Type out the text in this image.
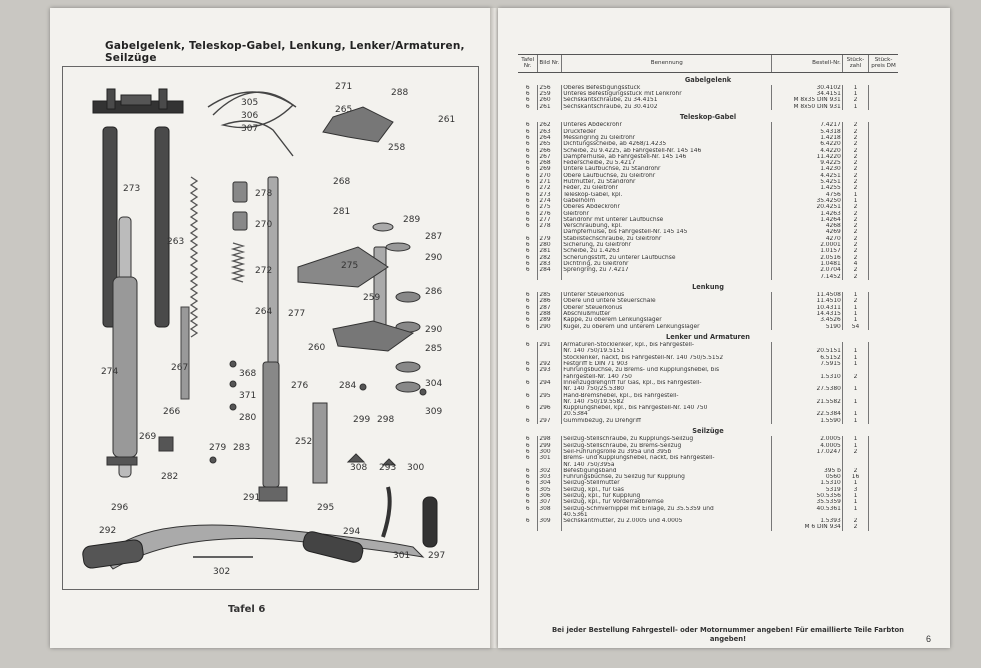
Gabelgelenk, Teleskop-Gabel, Lenkung, Lenker/Armaturen, Seilzüge
271
288
305
306
307
265
261
258
273
268
278
281
289
287
263
270
290
275
286
272
264 277
259
290
260	285
274	267
368
276	284	304
371
266
280
309
299 298
269
279 283
282
252
308 293 300
291
296	295
292	294
301 297
302
Tafel 6
Tafel Nr.	Bild Nr.	Benennung	Bestell-Nr.	Stück-zahl	Stück-preis DM
Gabelgelenk					
6	256	Oberes Befestigungsstück	30.4102	1	
6	259	Unteres Befestigungsstück mit Lenkrohr	34.4151	1	
6	260	Sechskantschraube, zu 34.4151	M 8x35 DIN 931	2	
6	261	Sechskantschraube, zu 30.4102	M 8x50 DIN 931	1	
Teleskop-Gabel					
6	262	Unteres Abdeckrohr	7.4217	2	
6	263	Druckfeder	5.4318	2	
6	264	Messingring zu Gleitrohr	1.4218	2	
6	265	Dichtungsscheibe, ab 4268/1.4235	6.4220	2	
6	266	Scheibe, zu 9.4225, ab Fahrgestell-Nr. 145 146	4.4220	2	
6	267	Dämpferhülse, ab Fahrgestell-Nr. 145 146	11.4220	2	
6	268	Federscheibe, zu 5.4217	9.4225	2	
6	269	Untere Laufbüchse, zu Standrohr	1.4230	2	
6	270	Obere Laufbüchse, zu Gleitrohr	4.4251	2	
6	271	Hutmutter, zu Standrohr	5.4251	2	
6	272	Feder, zu Gleitrohr	1.4255	2	
6	273	Teleskop-Gabel, kpl.	4756	1	
6	274	Gabelholm	35.4250	1	
6	275	Oberes Abdeckrohr	20.4251	2	
6	276	Gleitrohr	1.4263	2	
6	277	Standrohr mit unterer Laufbuchse	1.4264	2	
6	278	Verschraubung, kpl.	4268	2	
		Dämpferhülse, bis Fahrgestell-Nr. 145 145	4269	2	
6	279	Stabilstechschraube, zu Gleitrohr	4270	2	
6	280	Sicherung, zu Gleitrohr	2.0001	2	
6	281	Scheibe, zu 1.4263	1.0157	2	
6	282	Scherungsstift, zu unterer Laufbüchse	2.0516	2	
6	283	Dichtring, zu Gleitrohr	1.0481	4	
6	284	Sprengring, zu 7.4217	2.0704	2	
			7.1452	2	
Lenkung					
6	285	Unterer Steuerkonus	11.4508	1	
6	286	Obere und untere Steuerschale	11.4510	2	
6	287	Oberer Steuerkonus	10.4311	1	
6	288	Abschlußmutter	14.4315	1	
6	289	Kappe, zu oberem Lenkungslager	3.4526	1	
6	290	Kugel, zu oberem und unterem Lenkungslager	5190	54	
Lenker und Armaturen					
6	291	Armaturen-Stocklenker, kpl., bis Fahrgestell-			
		Nr. 140 750/19.5151	20.5151	1	
		Stocklenker, nackt, bis Fahrgestell-Nr. 140 750/5.5152	6.5152	1	
6	292	Festgriff E DIN 71 903	7.5915	1	
6	293	Führungsbüchse, zu Brems- und Kupplungshebel, bis			
		Fahrgestell-Nr. 140 750	1.5310	2	
6	294	Innenzugdrehgriff für Gas, kpl., bis Fahrgestell-			
		Nr. 140 750/25.5380	27.5380	1	
6	295	Hand-Bremshebel, kpl., bis Fahrgestell-			
		Nr. 140 750/19.5582	21.5582	1	
6	296	Kupplungshebel, kpl., bis Fahrgestell-Nr. 140 750			
		20.5384	22.5384	1	
6	297	Gummibezug, zu Drehgriff	1.5590	1	
Seilzüge					
6	298	Seilzug-Stellschraube, zu Kupplungs-Seilzug	2.0005	1	
6	299	Seilzug-Stellschraube, zu Brems-Seilzug	4.0005	1	
6	300	Seil-Führungsrolle zu 395a und 395b	17.0247	2	
6	301	Brems- und Kupplungshebel, nackt, bis Fahrgestell-			
		Nr. 140 750/395a			
6	302	Befestigungsband	395 b	2	
6	303	Führungsbüchse, zu Seilzug für Kupplung	0560	16	
6	304	Seilzug-Stellmutter	1.5310	1	
6	305	Seilzug, kpl., für Gas	5319	3	
6	306	Seilzug, kpl., für Kupplung	50.5356	1	
6	307	Seilzug, kpl., für Vorderradbremse	35.5359	1	
6	308	Seilzug-Schmiernippel mit Einlage, zu 35.5359 und	40.5361	1	
		40.5361			
6	309	Sechskantmutter, zu 2.0005 und 4.0005	1.5393	2	
			M 6 DIN 934	2	
Bei jeder Bestellung Fahrgestell- oder Motornummer angeben! Für emaillierte Teile Farbton angeben!	6
